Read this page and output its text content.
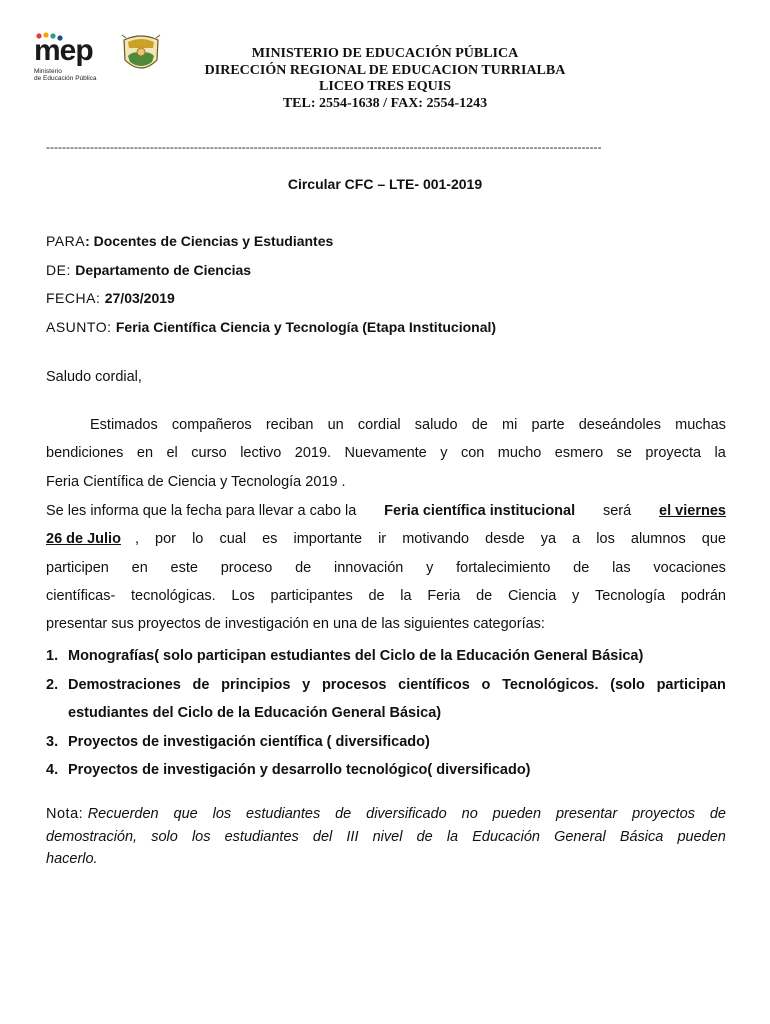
mep
Ministerio
de Educación Pública
MINISTERIO DE EDUCACIÓN PÚBLICA
DIRECCIÓN REGIONAL DE EDUCACION TURRIALBA
LICEO TRES EQUIS
TEL: 2554-1638 / FAX: 2554-1243
-------------------------------------------------------------------------------------------------------------------------------------------
Circular CFC – LTE- 001-2019
PARA: Docentes de Ciencias y Estudiantes
DE: Departamento de Ciencias
FECHA: 27/03/2019
ASUNTO: Feria Científica Ciencia y Tecnología (Etapa Institucional)
Saludo cordial,
Estimados compañeros reciban un cordial saludo de mi parte deseándoles muchas
bendiciones en el curso lectivo 2019. Nuevamente y con mucho esmero se proyecta la
Feria Científica de Ciencia y Tecnología 2019 .
Se les informa que la fecha para llevar a cabo la Feria científica institucional será el viernes
26 de Julio , por lo cual es importante ir motivando desde ya a los alumnos que
participen en este proceso de innovación y fortalecimiento de las vocaciones
científicas- tecnológicas. Los participantes de la Feria de Ciencia y Tecnología podrán
presentar sus proyectos de investigación en una de las siguientes categorías:
1. Monografías( solo participan estudiantes del Ciclo de la Educación General Básica)
2. Demostraciones de principios y procesos científicos o Tecnológicos. (solo participan
estudiantes del Ciclo de la Educación General Básica)
3. Proyectos de investigación científica ( diversificado)
4. Proyectos de investigación y desarrollo tecnológico( diversificado)
Nota: Recuerden que los estudiantes de diversificado no pueden presentar proyectos de
demostración, solo los estudiantes del III nivel de la Educación General Básica pueden
hacerlo.
